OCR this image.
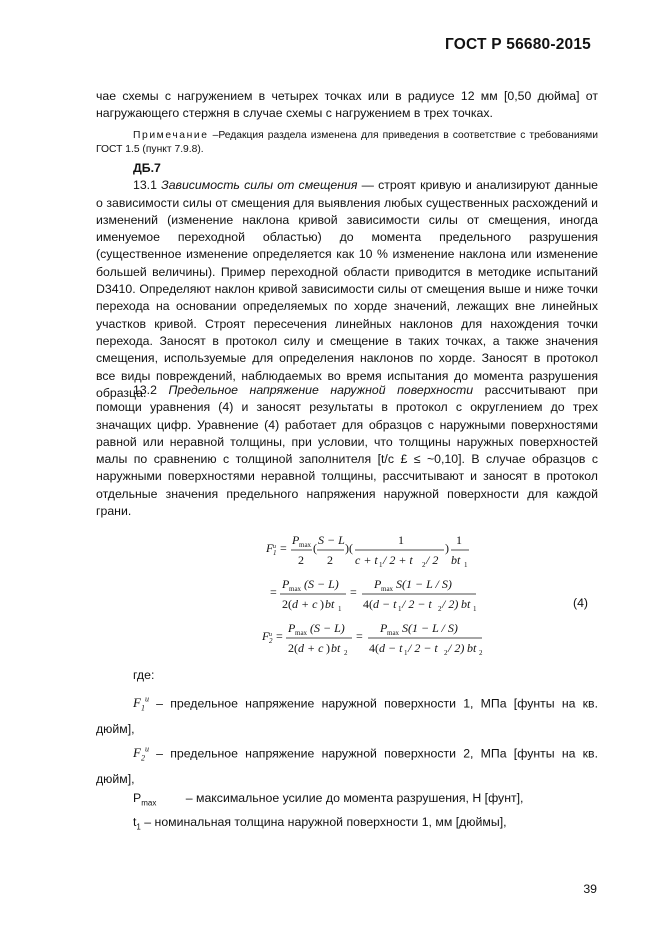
ГОСТ Р 56680-2015

чае схемы с нагружением в четырех точках или в радиусе 12 мм [0,50 дюйма] от нагружающего стержня в случае схемы с нагружением в трех точках.

Примечание –Редакция раздела изменена для приведения в соответствие с требованиями ГОСТ 1.5 (пункт 7.9.8).

ДБ.7

13.1 Зависимость силы от смещения — строят кривую и анализируют данные о зависимости силы от смещения для выявления любых существенных расхождений и изменений (изменение наклона кривой зависимости силы от смещения, иногда именуемое переходной областью) до момента предельного разрушения (существенное изменение определяется как 10 % изменение наклона или изменение большей величины). Пример переходной области приводится в методике испытаний D3410. Определяют наклон кривой зависимости силы от смещения выше и ниже точки перехода на основании определяемых по хорде значений, лежащих вне линейных участков кривой. Строят пересечения линейных наклонов для нахождения точки перехода. Заносят в протокол силу и смещение в таких точках, а также значения смещения, используемые для определения наклонов по хорде. Заносят в протокол все виды повреждений, наблюдаемых во время испытания до момента разрушения образца.

13.2 Предельное напряжение наружной поверхности рассчитывают при помощи уравнения (4) и заносят результаты в протокол с округлением до трех значащих цифр. Уравнение (4) работает для образцов с наружными поверхностями равной или неравной толщины, при условии, что толщины наружных поверхностей малы по сравнению с толщиной заполнителя [t/c £ ≤ ~0,10]. В случае образцов с наружными поверхностями неравной толщины, рассчитывают и заносят в протокол отдельные значения предельного напряжения наружной поверхности для каждой грани.

F u
1 =
P max
2
(
S − L
2
)(
1
c + t 1 / 2 + t 2 / 2
)
1
bt 1
=
P max (S − L)
2( d + c ) bt 1
=
P max S(1 − L / S)
4( d − t 1 / 2 − t 2 / 2) bt 1
F u
2 =
P max (S − L)
2( d + c ) bt 2
=
P max S(1 − L / S)
4( d − t 1 / 2 − t 2 / 2) bt 2
(4)
где:
$F_1^u$ – предельное напряжение наружной поверхности 1, МПа [фунты на кв. дюйм],
$F_2^u$ – предельное напряжение наружной поверхности 2, МПа [фунты на кв. дюйм],
$P_{max}$ – максимальное усилие до момента разрушения, Н [фунт],
$t_1$ – номинальная толщина наружной поверхности 1, мм [дюймы],
39
